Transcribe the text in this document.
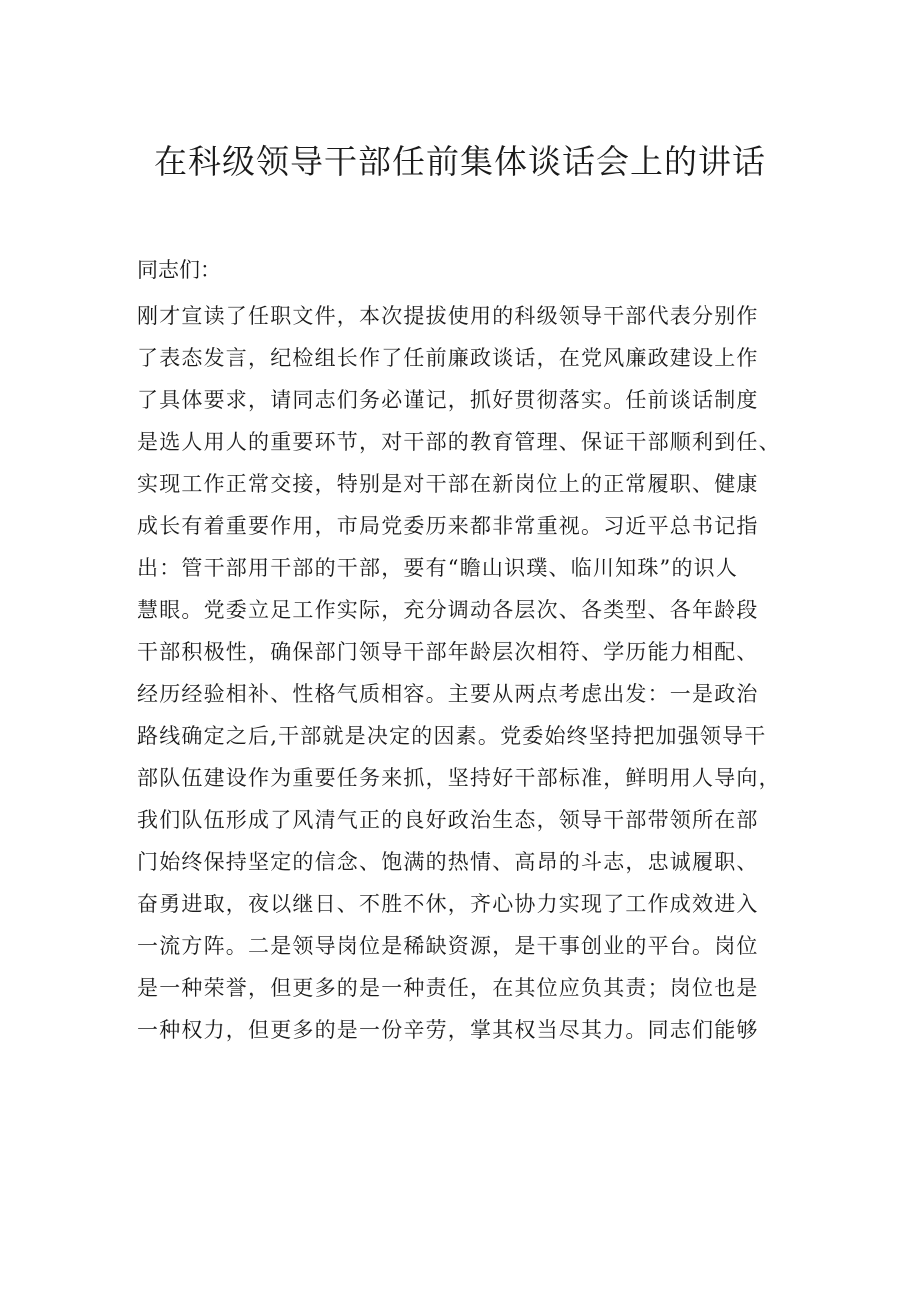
在科级领导干部任前集体谈话会上的讲话

同志们：

刚才宣读了任职文件，本次提拔使用的科级领导干部代表分别作
了表态发言，纪检组长作了任前廉政谈话，在党风廉政建设上作
了具体要求，请同志们务必谨记，抓好贯彻落实。任前谈话制度
是选人用人的重要环节，对干部的教育管理、保证干部顺利到任、
实现工作正常交接，特别是对干部在新岗位上的正常履职、健康
成长有着重要作用，市局党委历来都非常重视。习近平总书记指
出：管干部用干部的干部，要有“瞻山识璞、临川知珠”的识人
慧眼。党委立足工作实际，充分调动各层次、各类型、各年龄段
干部积极性，确保部门领导干部年龄层次相符、学历能力相配、
经历经验相补、性格气质相容。主要从两点考虑出发：一是政治
路线确定之后,干部就是决定的因素。党委始终坚持把加强领导干
部队伍建设作为重要任务来抓，坚持好干部标准，鲜明用人导向，
我们队伍形成了风清气正的良好政治生态，领导干部带领所在部
门始终保持坚定的信念、饱满的热情、高昂的斗志，忠诚履职、
奋勇进取，夜以继日、不胜不休，齐心协力实现了工作成效进入
一流方阵。二是领导岗位是稀缺资源，是干事创业的平台。岗位
是一种荣誉，但更多的是一种责任，在其位应负其责；岗位也是
一种权力，但更多的是一份辛劳，掌其权当尽其力。同志们能够
